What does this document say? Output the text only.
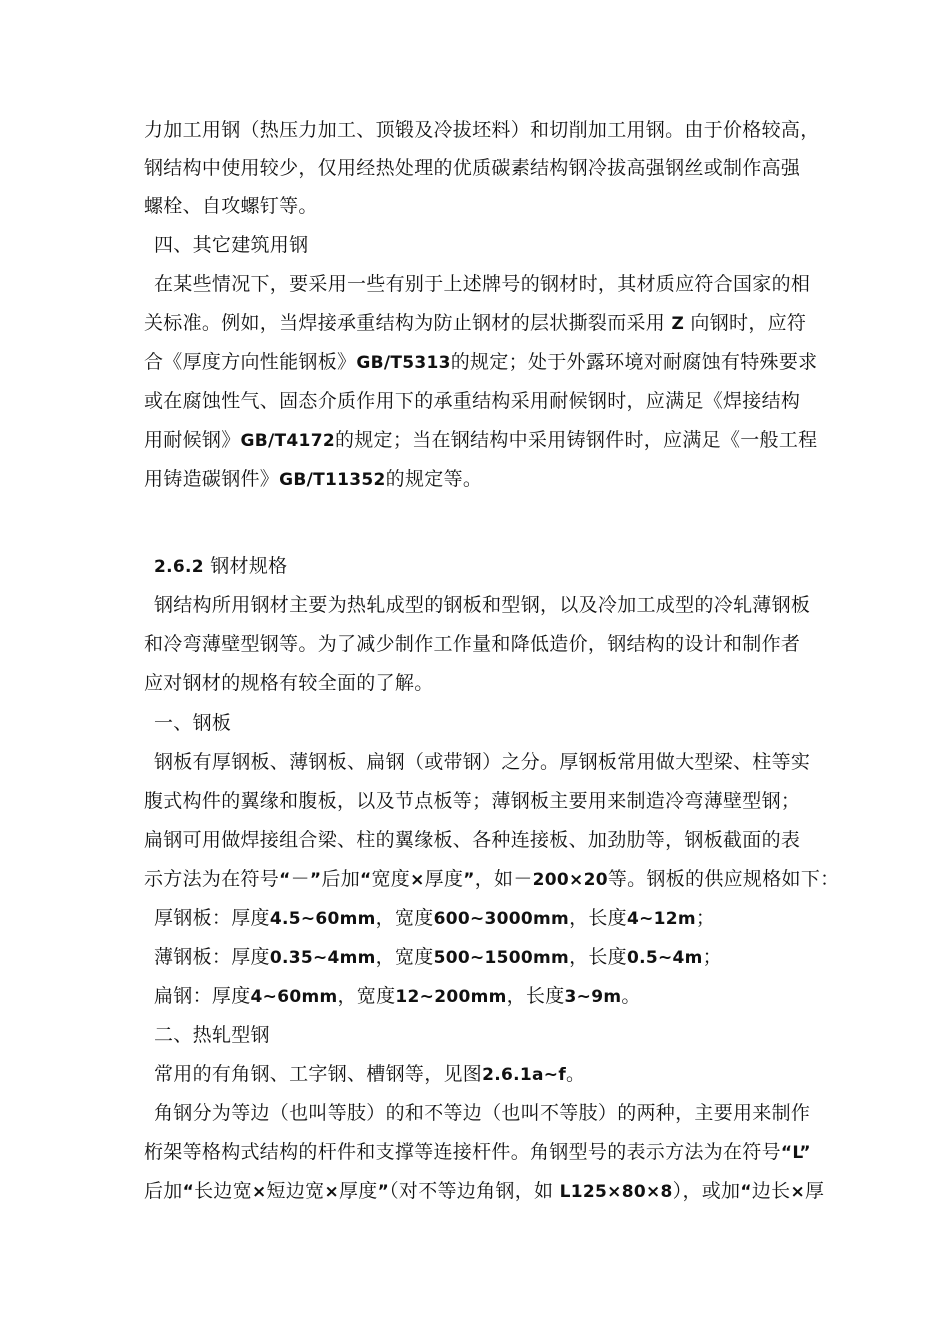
力加工用钢（热压力加工、顶锻及冷拔坯料）和切削加工用钢。由于价格较高，
钢结构中使用较少，仅用经热处理的优质碳素结构钢冷拔高强钢丝或制作高强
螺栓、自攻螺钉等。
四、其它建筑用钢
在某些情况下，要采用一些有别于上述牌号的钢材时，其材质应符合国家的相
关标准。例如，当焊接承重结构为防止钢材的层状撕裂而采用 Z 向钢时，应符
合《厚度方向性能钢板》GB/T5313的规定；处于外露环境对耐腐蚀有特殊要求
或在腐蚀性气、固态介质作用下的承重结构采用耐候钢时，应满足《焊接结构
用耐候钢》GB/T4172的规定；当在钢结构中采用铸钢件时，应满足《一般工程
用铸造碳钢件》GB/T11352的规定等。
2.6.2 钢材规格
钢结构所用钢材主要为热轧成型的钢板和型钢，以及冷加工成型的冷轧薄钢板
和冷弯薄壁型钢等。为了减少制作工作量和降低造价，钢结构的设计和制作者
应对钢材的规格有较全面的了解。
一、钢板
钢板有厚钢板、薄钢板、扁钢（或带钢）之分。厚钢板常用做大型梁、柱等实
腹式构件的翼缘和腹板，以及节点板等；薄钢板主要用来制造冷弯薄壁型钢；
扁钢可用做焊接组合梁、柱的翼缘板、各种连接板、加劲肋等，钢板截面的表
示方法为在符号“－”后加“宽度×厚度”，如－200×20等。钢板的供应规格如下：
厚钢板：厚度4.5~60mm，宽度600~3000mm，长度4~12m；
薄钢板：厚度0.35~4mm，宽度500~1500mm，长度0.5~4m；
扁钢：厚度4~60mm，宽度12~200mm，长度3~9m。
二、热轧型钢
常用的有角钢、工字钢、槽钢等，见图2.6.1a~f。
角钢分为等边（也叫等肢）的和不等边（也叫不等肢）的两种，主要用来制作
桁架等格构式结构的杆件和支撑等连接杆件。角钢型号的表示方法为在符号“L”
后加“长边宽×短边宽×厚度”（对不等边角钢，如 L125×80×8），或加“边长×厚
